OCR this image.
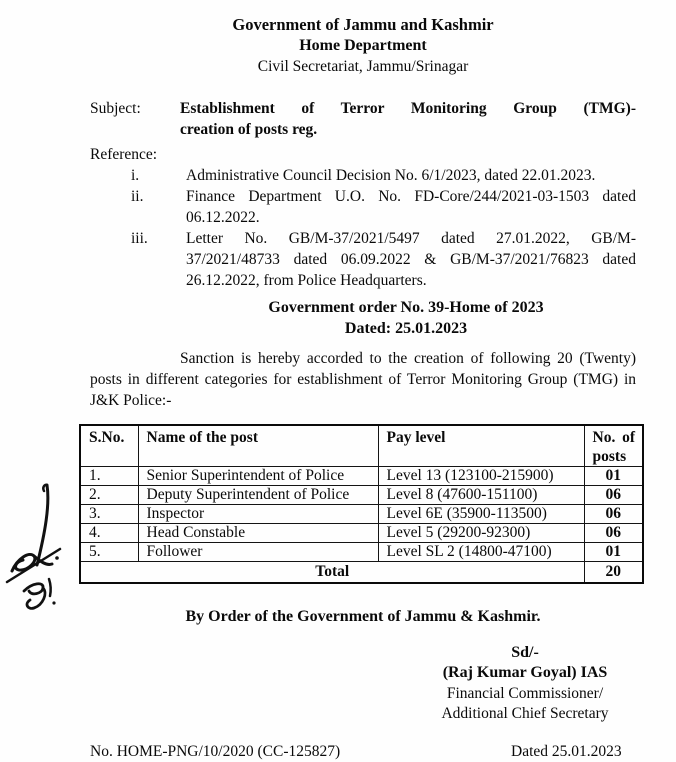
Government of Jammu and Kashmir
Home Department
Civil Secretariat, Jammu/Srinagar
Subject:	Establishment of Terror Monitoring Group (TMG)-
creation of posts reg.
Reference:
i.	Administrative Council Decision No. 6/1/2023, dated 22.01.2023.
ii.	Finance Department U.O. No. FD-Core/244/2021-03-1503 dated 06.12.2022.
iii.	Letter No. GB/M-37/2021/5497 dated 27.01.2022, GB/M-37/2021/48733 dated 06.09.2022 & GB/M-37/2021/76823 dated 26.12.2022, from Police Headquarters.
Government order No. 39-Home of 2023
Dated: 25.01.2023
Sanction is hereby accorded to the creation of following 20 (Twenty) posts in different categories for establishment of Terror Monitoring Group (TMG) in J&K Police:-
S.No.	Name of the post	Pay level	No. of posts
1.	Senior Superintendent of Police	Level 13 (123100-215900)	01
2.	Deputy Superintendent of Police	Level 8 (47600-151100)	06
3.	Inspector	Level 6E (35900-113500)	06
4.	Head Constable	Level 5 (29200-92300)	06
5.	Follower	Level SL 2 (14800-47100)	01
Total			20
By Order of the Government of Jammu & Kashmir.
Sd/-
(Raj Kumar Goyal) IAS
Financial Commissioner/
Additional Chief Secretary
No. HOME-PNG/10/2020 (CC-125827)	Dated 25.01.2023
